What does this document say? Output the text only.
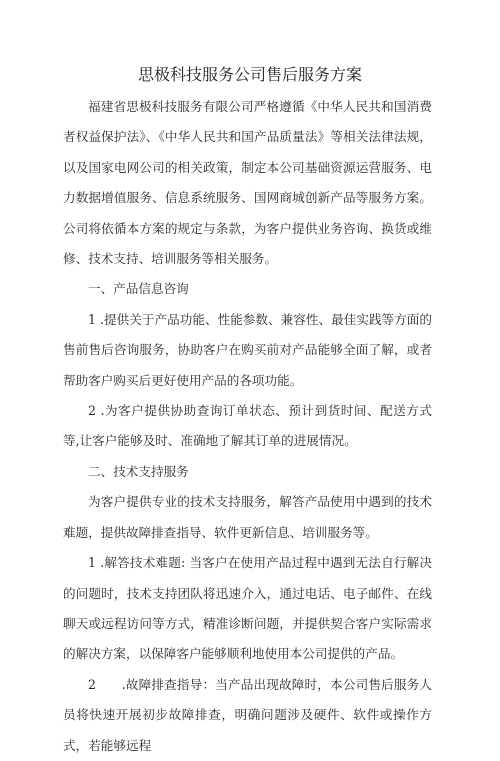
思极科技服务公司售后服务方案

福建省思极科技服务有限公司严格遵循《中华人民共和国消费者权益保护法》、《中华人民共和国产品质量法》等相关法律法规，以及国家电网公司的相关政策，制定本公司基础资源运营服务、电力数据增值服务、信息系统服务、国网商城创新产品等服务方案。公司将依循本方案的规定与条款，为客户提供业务咨询、换货或维修、技术支持、培训服务等相关服务。

一、产品信息咨询

1 .提供关于产品功能、性能参数、兼容性、最佳实践等方面的售前售后咨询服务，协助客户在购买前对产品能够全面了解，或者帮助客户购买后更好使用产品的各项功能。

2 .为客户提供协助查询订单状态、预计到货时间、配送方式等,让客户能够及时、准确地了解其订单的进展情况。

二、技术支持服务

为客户提供专业的技术支持服务，解答产品使用中遇到的技术难题，提供故障排查指导、软件更新信息、培训服务等。

1 .解答技术难题: 当客户在使用产品过程中遇到无法自行解决的问题时，技术支持团队将迅速介入，通过电话、电子邮件、在线聊天或远程访问等方式，精准诊断问题，并提供契合客户实际需求的解决方案，以保障客户能够顺利地使用本公司提供的产品。

2　　.故障排查指导：当产品出现故障时，本公司售后服务人员将快速开展初步故障排查，明确问题涉及硬件、软件或操作方式，若能够远程
